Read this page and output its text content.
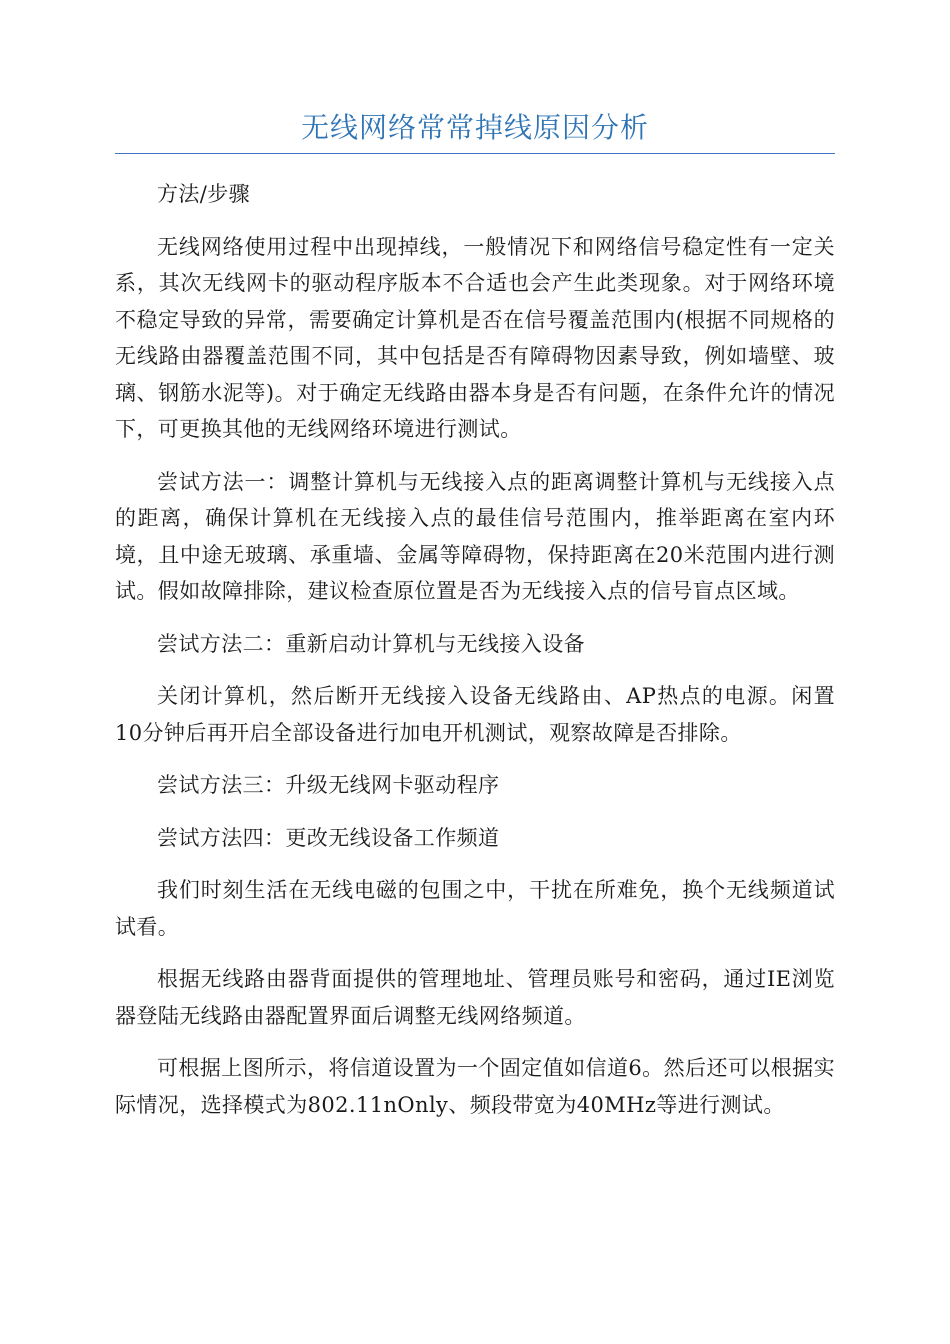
无线网络常常掉线原因分析

方法/步骤

无线网络使用过程中出现掉线，一般情况下和网络信号稳定性有一定关系，其次无线网卡的驱动程序版本不合适也会产生此类现象。对于网络环境不稳定导致的异常，需要确定计算机是否在信号覆盖范围内(根据不同规格的无线路由器覆盖范围不同，其中包括是否有障碍物因素导致，例如墙壁、玻璃、钢筋水泥等)。对于确定无线路由器本身是否有问题，在条件允许的情况下，可更换其他的无线网络环境进行测试。

尝试方法一：调整计算机与无线接入点的距离调整计算机与无线接入点的距离，确保计算机在无线接入点的最佳信号范围内，推举距离在室内环境，且中途无玻璃、承重墙、金属等障碍物，保持距离在20米范围内进行测试。假如故障排除，建议检查原位置是否为无线接入点的信号盲点区域。

尝试方法二：重新启动计算机与无线接入设备

关闭计算机，然后断开无线接入设备无线路由、AP热点的电源。闲置10分钟后再开启全部设备进行加电开机测试，观察故障是否排除。

尝试方法三：升级无线网卡驱动程序

尝试方法四：更改无线设备工作频道

我们时刻生活在无线电磁的包围之中，干扰在所难免，换个无线频道试试看。

根据无线路由器背面提供的管理地址、管理员账号和密码，通过IE浏览器登陆无线路由器配置界面后调整无线网络频道。

可根据上图所示，将信道设置为一个固定值如信道6。然后还可以根据实际情况，选择模式为802.11nOnly、频段带宽为40MHz等进行测试。
